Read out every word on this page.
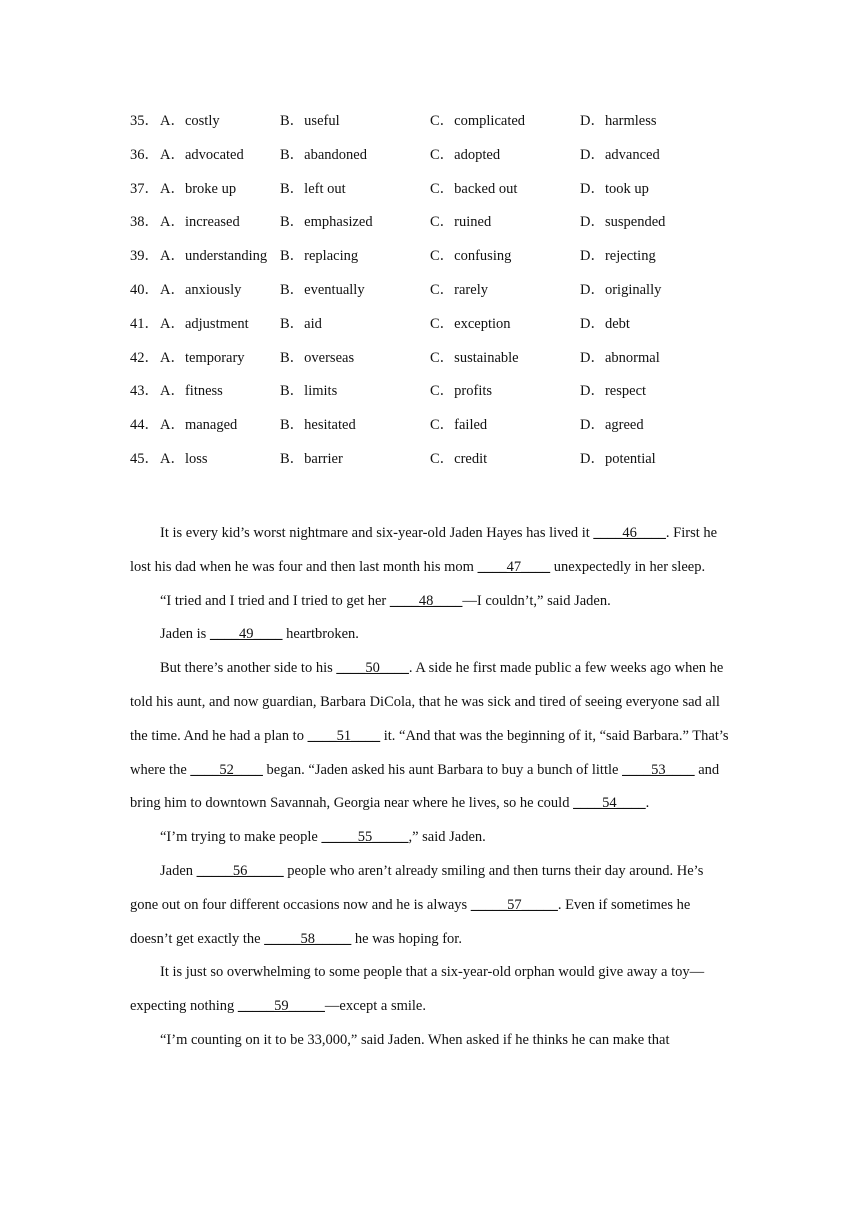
35． A．costly	B．useful	C．complicated	D．harmless
36． A．advocated	B．abandoned	C．adopted	D．advanced
37． A．broke up	B．left out	C．backed out	D．took up
38． A．increased	B．emphasized	C．ruined	D．suspended
39． A．understanding B．replacing	C．confusing	D．rejecting
40． A．anxiously	B．eventually	C．rarely	D．originally
41． A．adjustment B．aid	C．exception	D．debt
42． A．temporary B．overseas	C．sustainable	D．abnormal
43． A．fitness	B．limits	C．profits	D．respect
44． A．managed	B．hesitated	C．failed	D．agreed
45． A．loss	B．barrier	C．credit	D．potential

It is every kid’s worst nightmare and six-year-old Jaden Hayes has lived it ____46____. First he lost his dad when he was four and then last month his mom ____47____ unexpectedly in her sleep.

“I tried and I tried and I tried to get her ____48____—I couldn’t,” said Jaden.

Jaden is ____49____ heartbroken.

But there’s another side to his ____50____. A side he first made public a few weeks ago when he told his aunt, and now guardian, Barbara DiCola, that he was sick and tired of seeing everyone sad all the time. And he had a plan to ____51____ it. “And that was the beginning of it, “said Barbara.” That’s where the ____52____ began. “Jaden asked his aunt Barbara to buy a bunch of little ____53____ and bring him to downtown Savannah, Georgia near where he lives, so he could ____54____.

“I’m trying to make people _____55_____,” said Jaden.

Jaden _____56_____ people who aren’t already smiling and then turns their day around. He’s gone out on four different occasions now and he is always _____57_____. Even if sometimes he doesn’t get exactly the _____58_____ he was hoping for.

It is just so overwhelming to some people that a six-year-old orphan would give away a toy—expecting nothing _____59_____—except a smile.

“I’m counting on it to be 33,000,” said Jaden. When asked if he thinks he can make that
